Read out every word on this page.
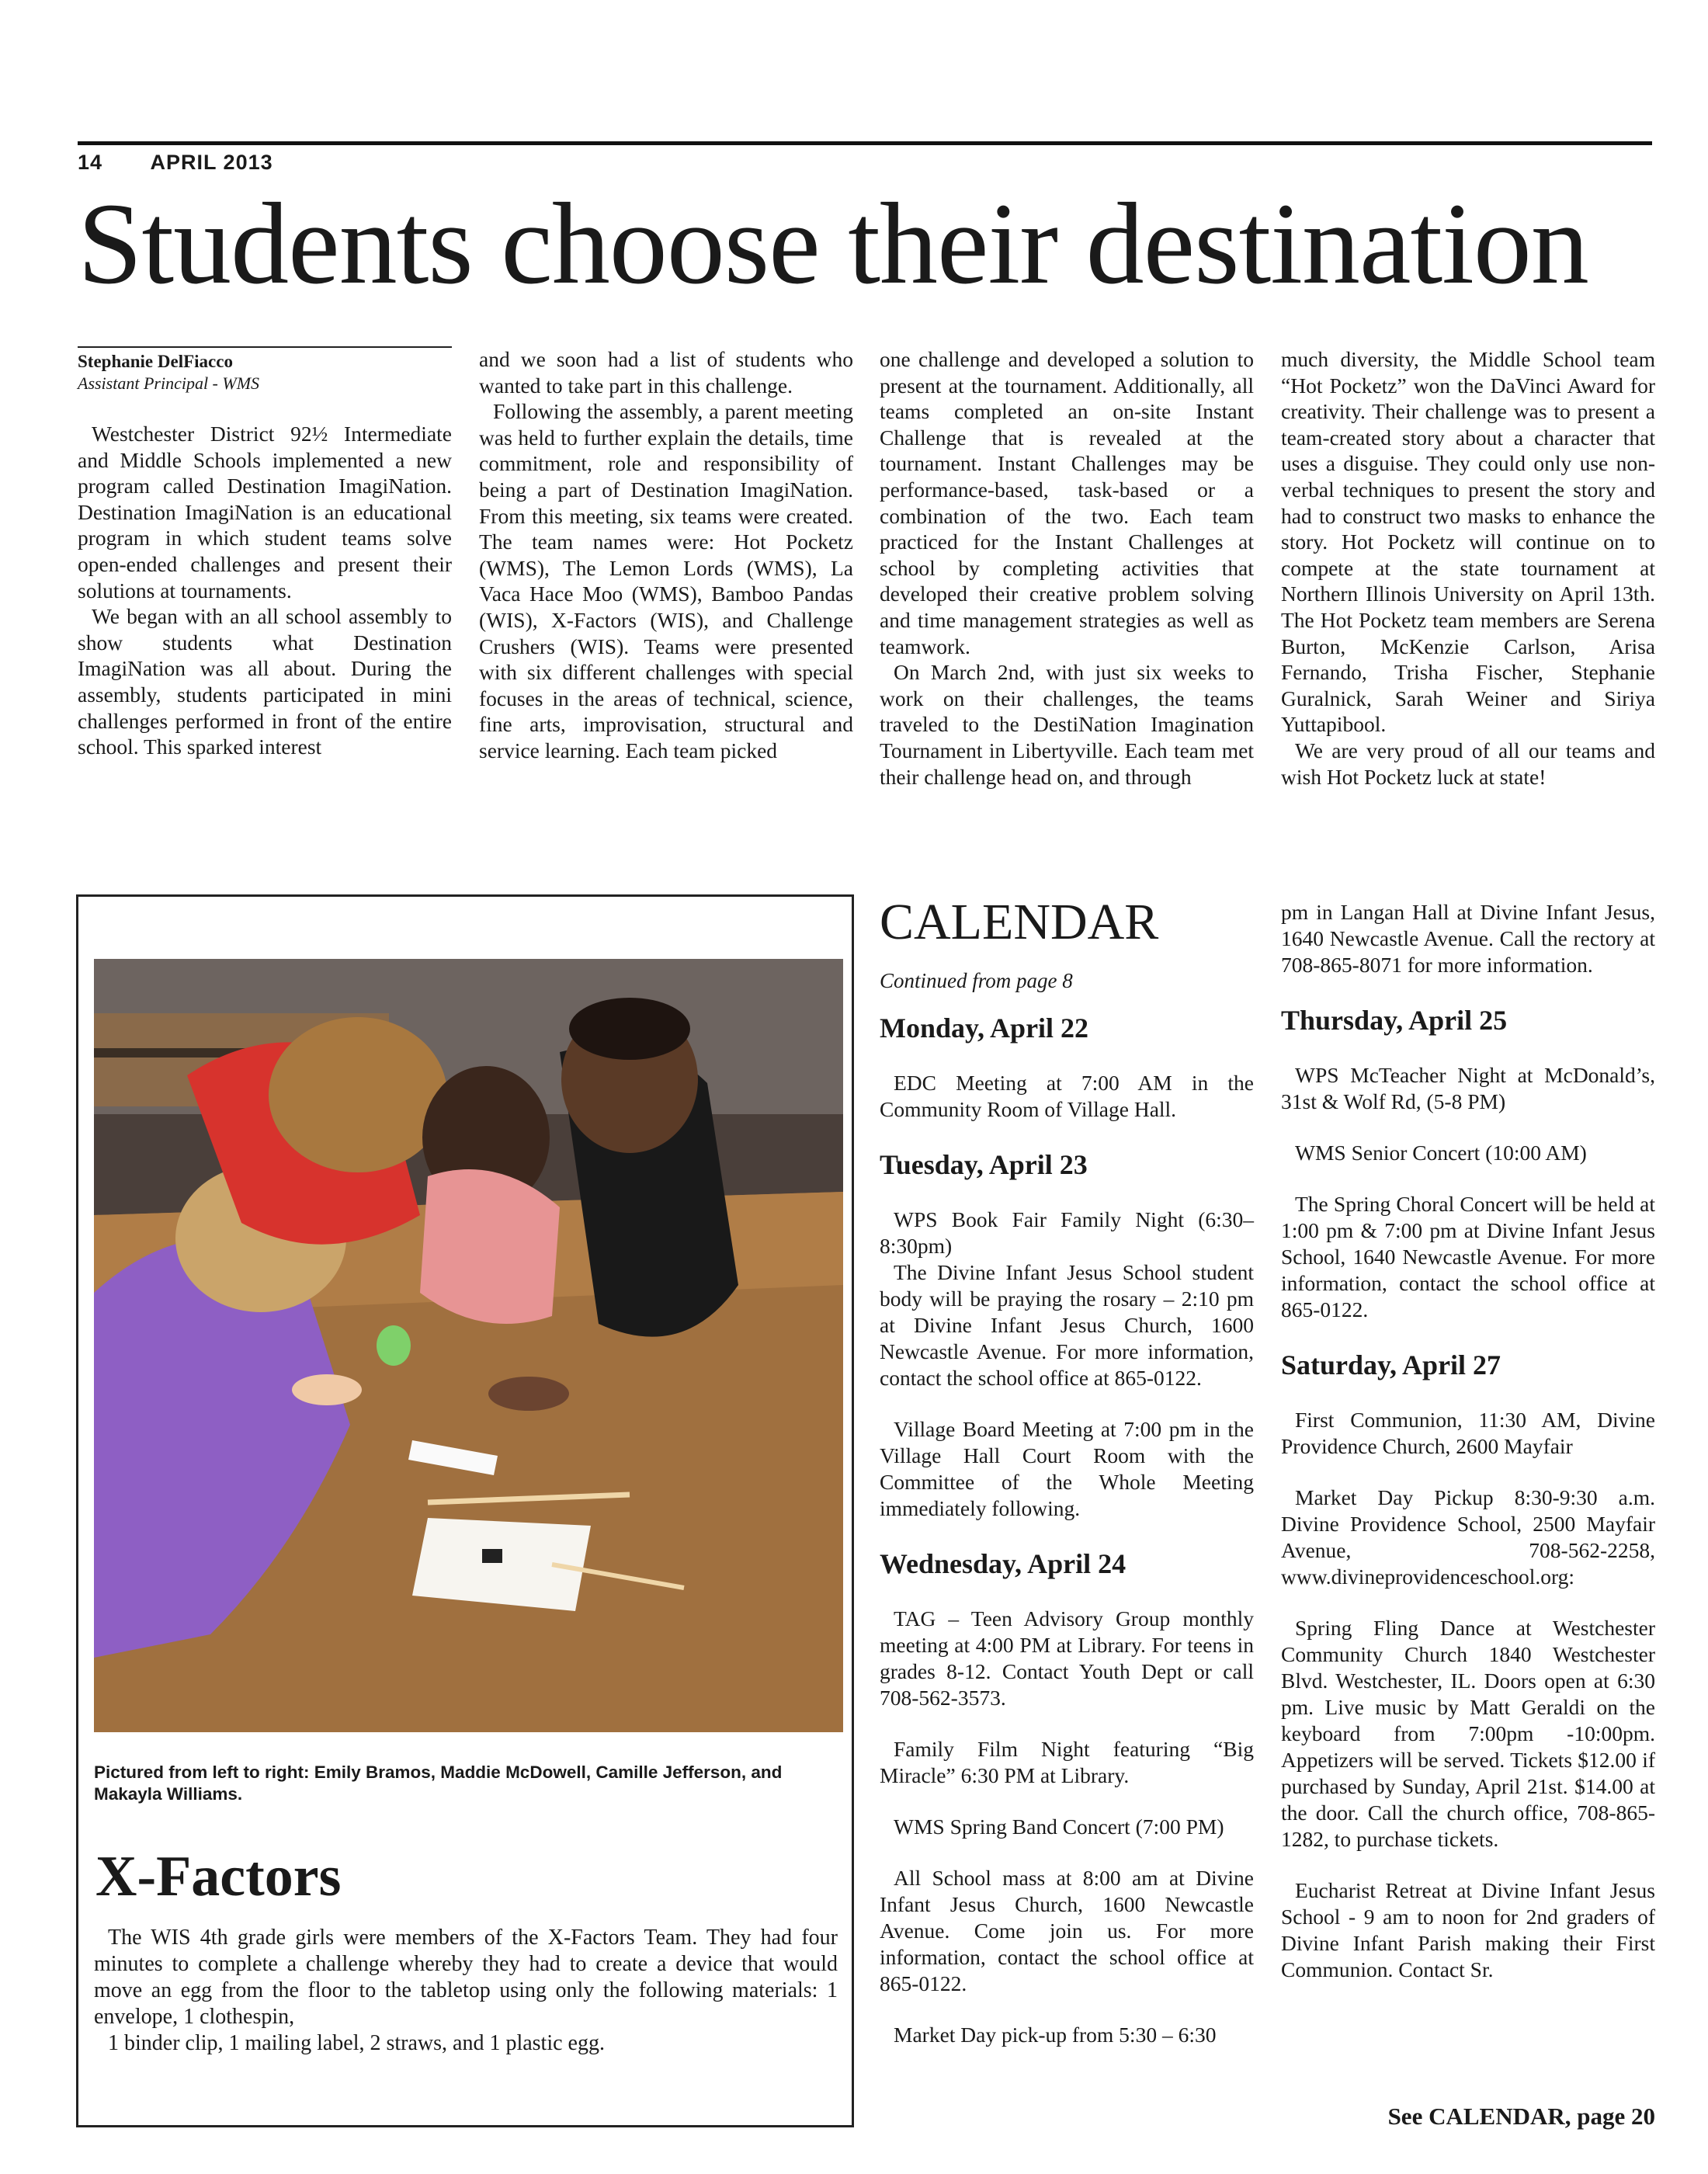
14 APRIL 2013
Students choose their destination
Stephanie DelFiacco
Assistant Principal - WMS

Westchester District 92½ Intermediate and Middle Schools implemented a new program called Destination ImagiNation. Destination ImagiNation is an educational program in which student teams solve open-ended challenges and present their solutions at tournaments.

We began with an all school assembly to show students what Destination ImagiNation was all about. During the assembly, students participated in mini challenges performed in front of the entire school. This sparked interest

and we soon had a list of students who wanted to take part in this challenge.

Following the assembly, a parent meeting was held to further explain the details, time commitment, role and responsibility of being a part of Destination ImagiNation. From this meeting, six teams were created. The team names were: Hot Pocketz (WMS), The Lemon Lords (WMS), La Vaca Hace Moo (WMS), Bamboo Pandas (WIS), X-Factors (WIS), and Challenge Crushers (WIS). Teams were presented with six different challenges with special focuses in the areas of technical, science, fine arts, improvisation, structural and service learning. Each team picked

one challenge and developed a solution to present at the tournament. Additionally, all teams completed an on-site Instant Challenge that is revealed at the tournament. Instant Challenges may be performance-based, task-based or a combination of the two. Each team practiced for the Instant Challenges at school by completing activities that developed their creative problem solving and time management strategies as well as teamwork.

On March 2nd, with just six weeks to work on their challenges, the teams traveled to the DestiNation Imagination Tournament in Libertyville. Each team met their challenge head on, and through

much diversity, the Middle School team “Hot Pocketz” won the DaVinci Award for creativity. Their challenge was to present a team-created story about a character that uses a disguise. They could only use non-verbal techniques to present the story and had to construct two masks to enhance the story. Hot Pocketz will continue on to compete at the state tournament at Northern Illinois University on April 13th. The Hot Pocketz team members are Serena Burton, McKenzie Carlson, Arisa Fernando, Trisha Fischer, Stephanie Guralnick, Sarah Weiner and Siriya Yuttapibool.

We are very proud of all our teams and wish Hot Pocketz luck at state!

Pictured from left to right: Emily Bramos, Maddie McDowell, Camille Jefferson, and Makayla Williams.
X-Factors

The WIS 4th grade girls were members of the X-Factors Team. They had four minutes to complete a challenge whereby they had to create a device that would move an egg from the floor to the tabletop using only the following materials: 1 envelope, 1 clothespin,

1 binder clip, 1 mailing label, 2 straws, and 1 plastic egg.

CALENDAR
Continued from page 8
Monday, April 22

EDC Meeting at 7:00 AM in the Community Room of Village Hall.

Tuesday, April 23

WPS Book Fair Family Night (6:30–8:30pm)

The Divine Infant Jesus School student body will be praying the rosary – 2:10 pm at Divine Infant Jesus Church, 1600 Newcastle Avenue. For more information, contact the school office at 865-0122.

Village Board Meeting at 7:00 pm in the Village Hall Court Room with the Committee of the Whole Meeting immediately following.

Wednesday, April 24

TAG – Teen Advisory Group monthly meeting at 4:00 PM at Library. For teens in grades 8-12. Contact Youth Dept or call 708-562-3573.

Family Film Night featuring “Big Miracle” 6:30 PM at Library.

WMS Spring Band Concert (7:00 PM)

All School mass at 8:00 am at Divine Infant Jesus Church, 1600 Newcastle Avenue. Come join us. For more information, contact the school office at 865-0122.

Market Day pick-up from 5:30 – 6:30

pm in Langan Hall at Divine Infant Jesus, 1640 Newcastle Avenue. Call the rectory at 708-865-8071 for more information.

Thursday, April 25

WPS McTeacher Night at McDonald’s, 31st & Wolf Rd, (5-8 PM)

WMS Senior Concert (10:00 AM)

The Spring Choral Concert will be held at 1:00 pm & 7:00 pm at Divine Infant Jesus School, 1640 Newcastle Avenue. For more information, contact the school office at 865-0122.

Saturday, April 27

First Communion, 11:30 AM, Divine Providence Church, 2600 Mayfair

Market Day Pickup 8:30-9:30 a.m. Divine Providence School, 2500 Mayfair Avenue, 708-562-2258, www.divineprovidenceschool.org:

Spring Fling Dance at Westchester Community Church 1840 Westchester Blvd. Westchester, IL. Doors open at 6:30 pm. Live music by Matt Geraldi on the keyboard from 7:00pm -10:00pm. Appetizers will be served. Tickets $12.00 if purchased by Sunday, April 21st. $14.00 at the door. Call the church office, 708-865-1282, to purchase tickets.

Eucharist Retreat at Divine Infant Jesus School - 9 am to noon for 2nd graders of Divine Infant Parish making their First Communion. Contact Sr.

See CALENDAR, page 20
